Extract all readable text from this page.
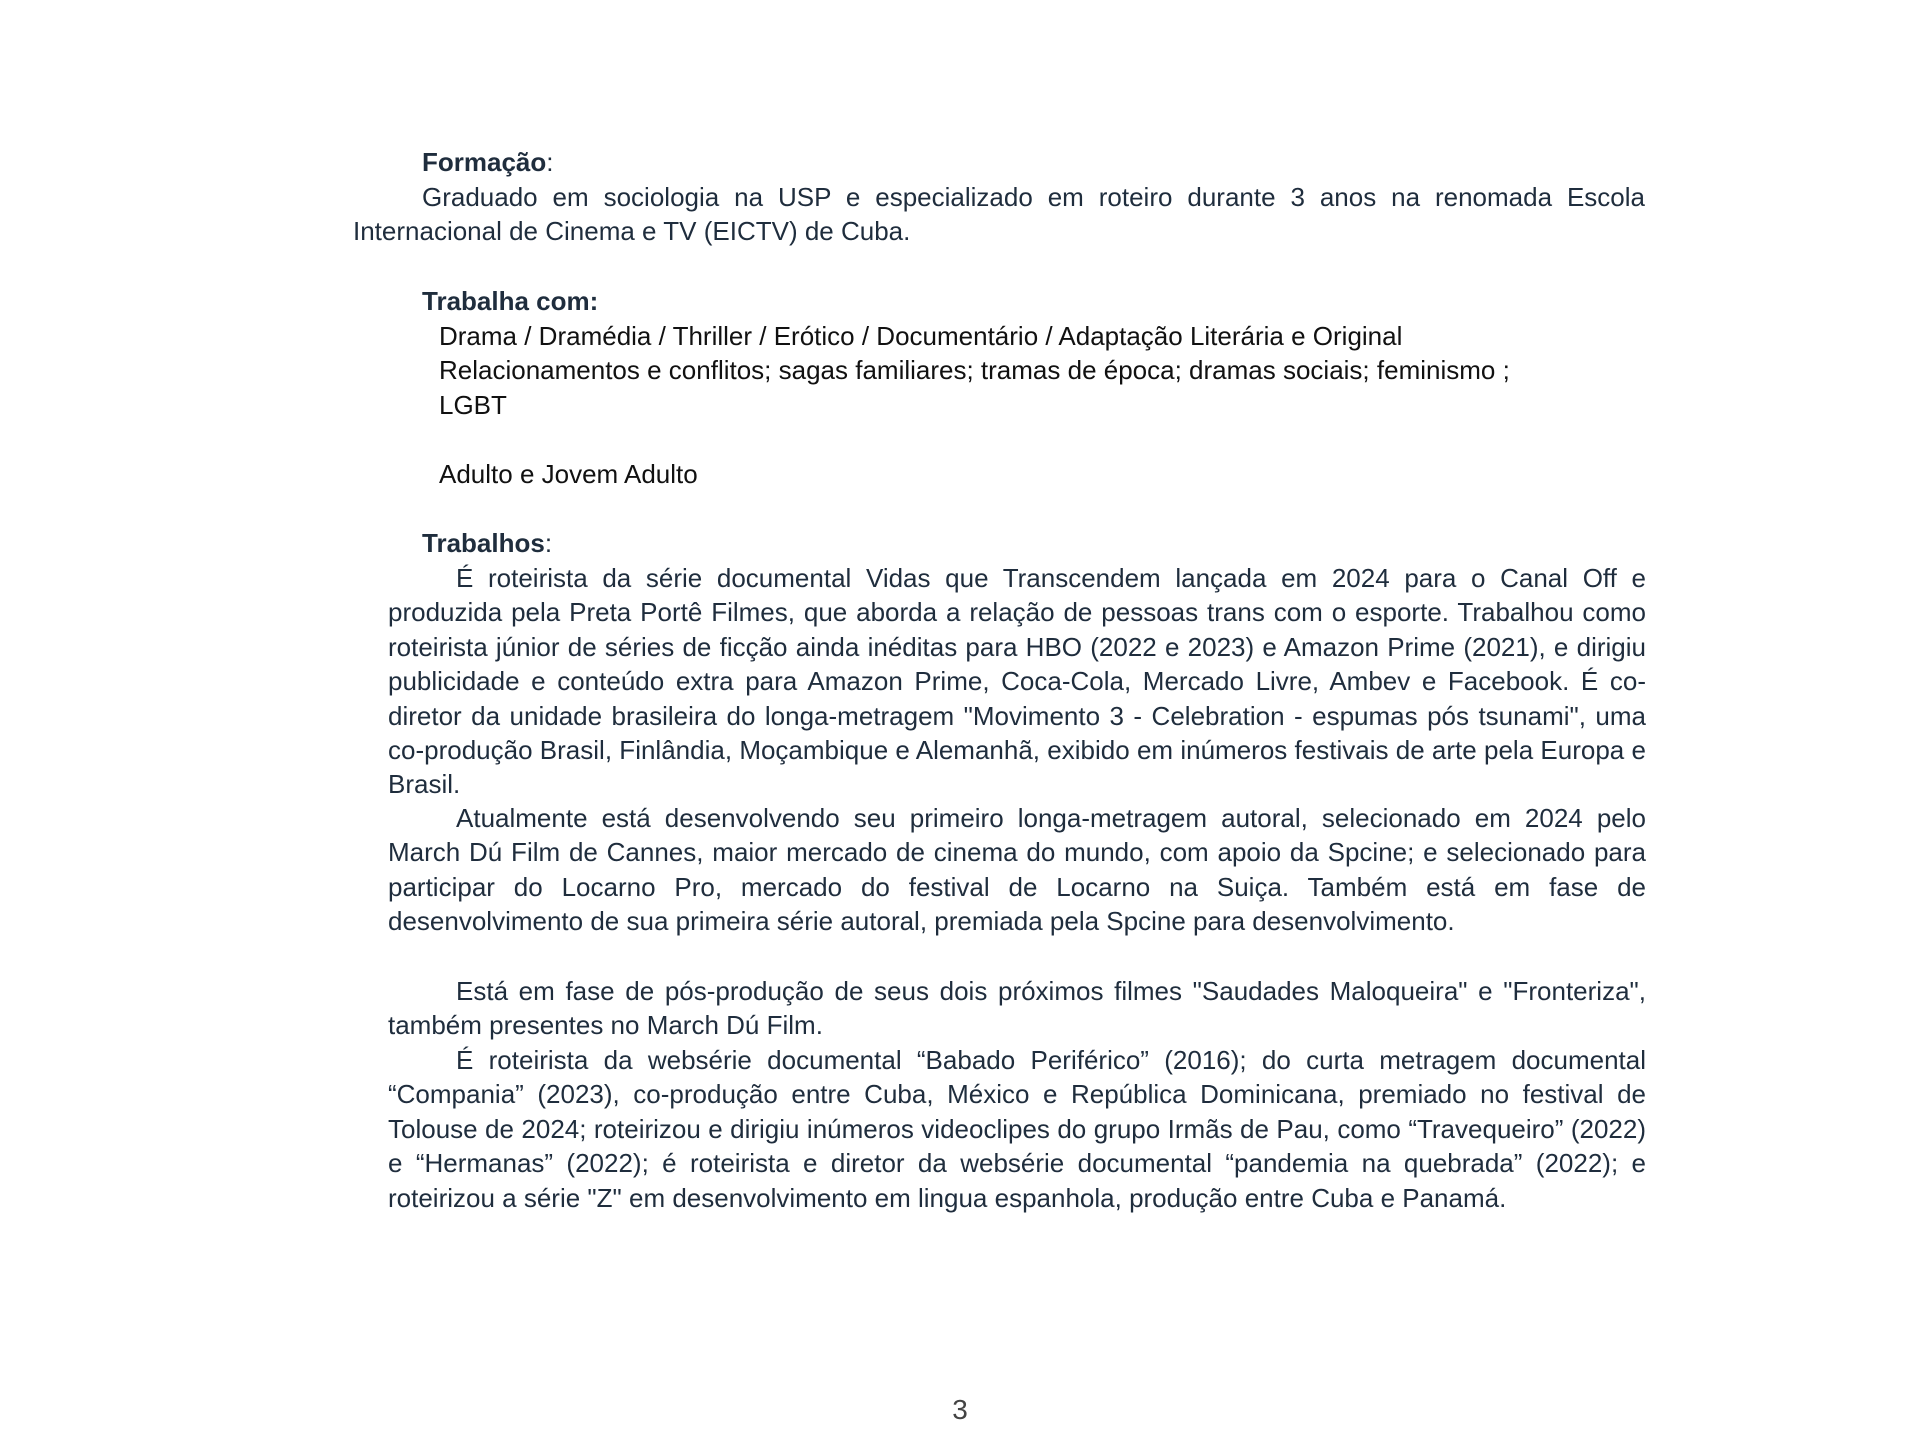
Formação:
Graduado em sociologia na USP e especializado em roteiro durante 3 anos na renomada Escola Internacional de Cinema e TV (EICTV) de Cuba.
Trabalha com:
Drama / Dramédia / Thriller / Erótico / Documentário / Adaptação Literária e Original
Relacionamentos e conflitos; sagas familiares; tramas de época; dramas sociais; feminismo ;
LGBT
Adulto e Jovem Adulto
Trabalhos:
É roteirista da série documental Vidas que Transcendem lançada em 2024 para o Canal Off e produzida pela Preta Portê Filmes, que aborda a relação de pessoas trans com o esporte. Trabalhou como roteirista júnior de séries de ficção ainda inéditas para HBO (2022 e 2023) e Amazon Prime (2021), e dirigiu publicidade e conteúdo extra para Amazon Prime, Coca-Cola, Mercado Livre, Ambev e Facebook. É co-diretor da unidade brasileira do longa-metragem "Movimento 3 - Celebration - espumas pós tsunami", uma co-produção Brasil, Finlândia, Moçambique e Alemanhã, exibido em inúmeros festivais de arte pela Europa e Brasil.
Atualmente está desenvolvendo seu primeiro longa-metragem autoral, selecionado em 2024 pelo March Dú Film de Cannes, maior mercado de cinema do mundo, com apoio da Spcine; e selecionado para participar do Locarno Pro, mercado do festival de Locarno na Suiça. Também está em fase de desenvolvimento de sua primeira série autoral, premiada pela Spcine para desenvolvimento.
Está em fase de pós-produção de seus dois próximos filmes "Saudades Maloqueira" e "Fronteriza", também presentes no March Dú Film.
É roteirista da websérie documental “Babado Periférico” (2016); do curta metragem documental “Compania” (2023), co-produção entre Cuba, México e República Dominicana, premiado no festival de Tolouse de 2024; roteirizou e dirigiu inúmeros videoclipes do grupo Irmãs de Pau, como “Travequeiro” (2022) e “Hermanas” (2022); é roteirista e diretor da websérie documental “pandemia na quebrada” (2022); e roteirizou a série "Z" em desenvolvimento em lingua espanhola, produção entre Cuba e Panamá.
3
